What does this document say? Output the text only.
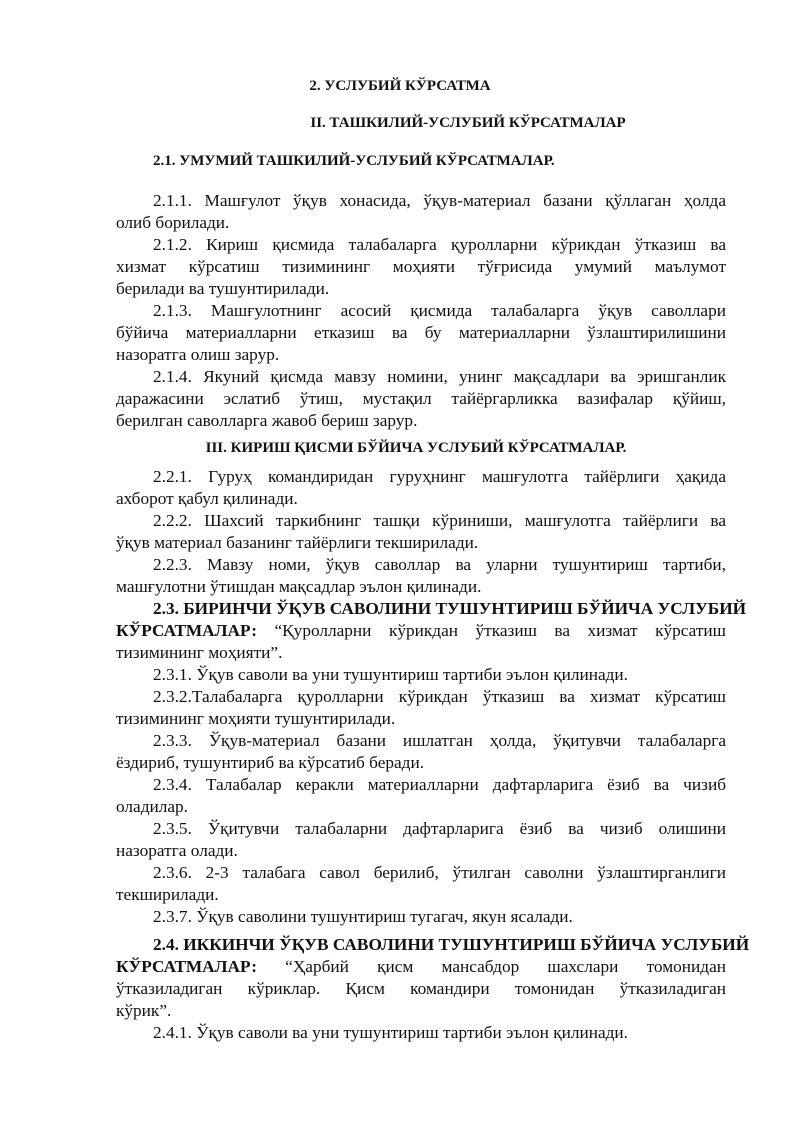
2. УСЛУБИЙ КЎРСАТМА
II. ТАШКИЛИЙ-УСЛУБИЙ КЎРСАТМАЛАР
2.1. УМУМИЙ ТАШКИЛИЙ-УСЛУБИЙ КЎРСАТМАЛАР.
2.1.1. Машғулот ўқув хонасида, ўқув-материал базани қўллаган ҳолда
олиб борилади.
2.1.2. Кириш қисмида талабаларга қуролларни кўрикдан ўтказиш ва
хизмат кўрсатиш тизимининг моҳияти тўғрисида умумий маълумот
берилади ва тушунтирилади.
2.1.3. Машғулотнинг асосий қисмида талабаларга ўқув саволлари
бўйича материалларни етказиш ва бу материалларни ўзлаштирилишини
назоратга олиш зарур.
2.1.4. Якуний қисмда мавзу номини, унинг мақсадлари ва эришганлик
даражасини эслатиб ўтиш, мустақил тайёргарликка вазифалар қўйиш,
берилган саволларга жавоб бериш зарур.
III. КИРИШ ҚИСМИ БЎЙИЧА УСЛУБИЙ КЎРСАТМАЛАР.
2.2.1. Гуруҳ командиридан гуруҳнинг машғулотга тайёрлиги ҳақида
ахборот қабул қилинади.
2.2.2. Шахсий таркибнинг ташқи кўриниши, машғулотга тайёрлиги ва
ўқув материал базанинг тайёрлиги текширилади.
2.2.3. Мавзу номи, ўқув саволлар ва уларни тушунтириш тартиби,
машғулотни ўтишдан мақсадлар эълон қилинади.
2.3. БИРИНЧИ ЎҚУВ САВОЛИНИ ТУШУНТИРИШ БЎЙИЧА УСЛУБИЙ
КЎРСАТМАЛАР: “Қуролларни кўрикдан ўтказиш ва хизмат кўрсатиш
тизимининг моҳияти”.
2.3.1. Ўқув саволи ва уни тушунтириш тартиби эълон қилинади.
2.3.2.Талабаларга қуролларни кўрикдан ўтказиш ва хизмат кўрсатиш
тизимининг моҳияти тушунтирилади.
2.3.3. Ўқув-материал базани ишлатган ҳолда, ўқитувчи талабаларга
ёздириб, тушунтириб ва кўрсатиб беради.
2.3.4. Талабалар керакли материалларни дафтарларига ёзиб ва чизиб
оладилар.
2.3.5. Ўқитувчи талабаларни дафтарларига ёзиб ва чизиб олишини
назоратга олади.
2.3.6. 2-3 талабага савол берилиб, ўтилган саволни ўзлаштирганлиги
текширилади.
2.3.7. Ўқув саволини тушунтириш тугагач, якун ясалади.
2.4. ИККИНЧИ ЎҚУВ САВОЛИНИ ТУШУНТИРИШ БЎЙИЧА УСЛУБИЙ
КЎРСАТМАЛАР: “Ҳарбий қисм мансабдор шахслари томонидан
ўтказиладиган кўриклар. Қисм командири томонидан ўтказиладиган
кўрик”.
2.4.1. Ўқув саволи ва уни тушунтириш тартиби эълон қилинади.
